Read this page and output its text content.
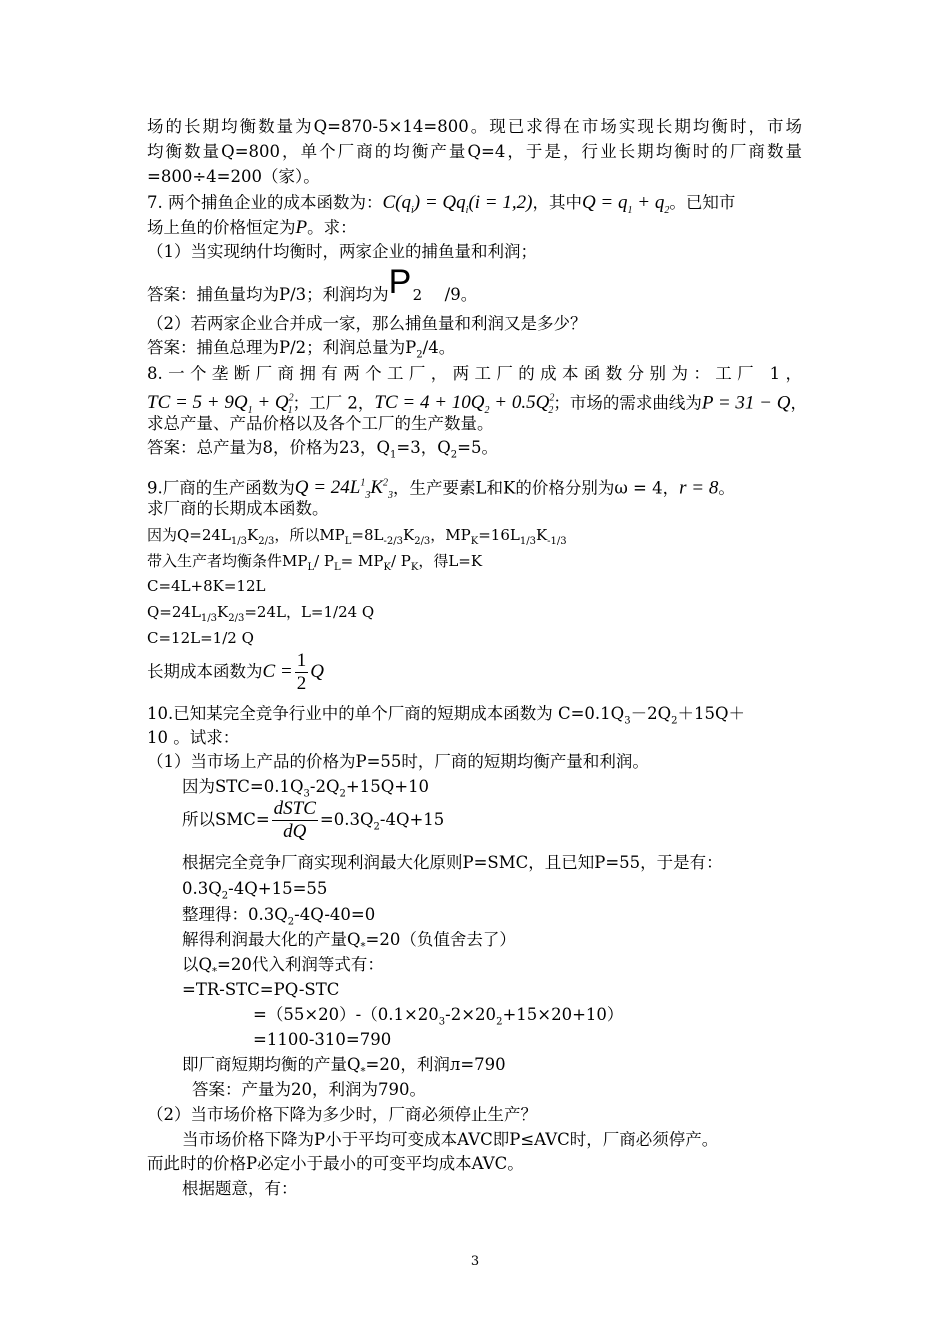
场的长期均衡数量为Q=870-5×14=800。现已求得在市场实现长期均衡时，市场
均衡数量Q=800，单个厂商的均衡产量Q=4，于是，行业长期均衡时的厂商数量
=800÷4=200（家）。
7. 两个捕鱼企业的成本函数为：$C(q_i) = Qq_i(i = 1,2)$，其中$Q = q_1 + q_2$。已知市
场上鱼的价格恒定为P。求：
（1）当实现纳什均衡时，两家企业的捕鱼量和利润；
答案：捕鱼量均为P/3；利润均为 P 2 /9。
（2）若两家企业合并成一家，那么捕鱼量和利润又是多少？
答案：捕鱼总理为P/2；利润总量为$P_2/4$。
8.一个垄断厂商拥有两个工厂，两工厂的成本函数分别为：工厂 1，
TC = $5 + 9Q_1 + Q^2_1$；工厂 2，TC = $4 + 10Q_2 + 0.5Q^2_2$；市场的需求曲线为P = 31 − Q，
求总产量、产品价格以及各个工厂的生产数量。
答案：总产量为8，价格为23，$Q_1=3$，$Q_2=5$。
9.厂商的生产函数为$Q = 24L^1_3K^2_3$，生产要素L和K的价格分别为ω = 4，r = 8。
求厂商的长期成本函数。
因为$Q=24L_{1/3}K_{2/3}$，所以$MP_L=8L_{-2/3}K_{2/3}$，$MP_K=16L_{1/3}K_{-1/3}$
带入生产者均衡条件$MP_L/$ $P_L= MP_K/$ $P_K$，得L=K
C=4L+8K=12L
$Q=24L_{1/3}K_{2/3}=24L$，L=1/24 Q
C=12L=1/2 Q
长期成本函数为$C = \frac{1}{2}$ Q
10.已知某完全竞争行业中的单个厂商的短期成本函数为 $C=0.1Q_3-2Q_2+15Q+$
10 。试求：
（1）当市场上产品的价格为P=55时，厂商的短期均衡产量和利润。
因为$STC=0.1Q_3-2Q_2+15Q+10$
所以$SMC= \frac{\text{dSTC}}{dQ} =0.3Q_2-4Q+15$
根据完全竞争厂商实现利润最大化原则P=SMC，且已知P=55，于是有：
$0.3Q_2-4Q+15=55$
整理得：$0.3Q_2-4Q-40=0$
解得利润最大化的产量$Q_*=20$（负值舍去了）
以$Q_*=20$代入利润等式有：
=TR-STC=PQ-STC
$=(55\times 20)-(0.1\times 20_3-2\times 20_2+15\times 20+10)$
=1100-310=790
即厂商短期均衡的产量$Q_*=20$，利润л=790
答案：产量为20，利润为790。
（2）当市场价格下降为多少时，厂商必须停止生产？
当市场价格下降为P小于平均可变成本AVC即P≤AVC时，厂商必须停产。
而此时的价格P必定小于最小的可变平均成本AVC。
根据题意，有：
3
